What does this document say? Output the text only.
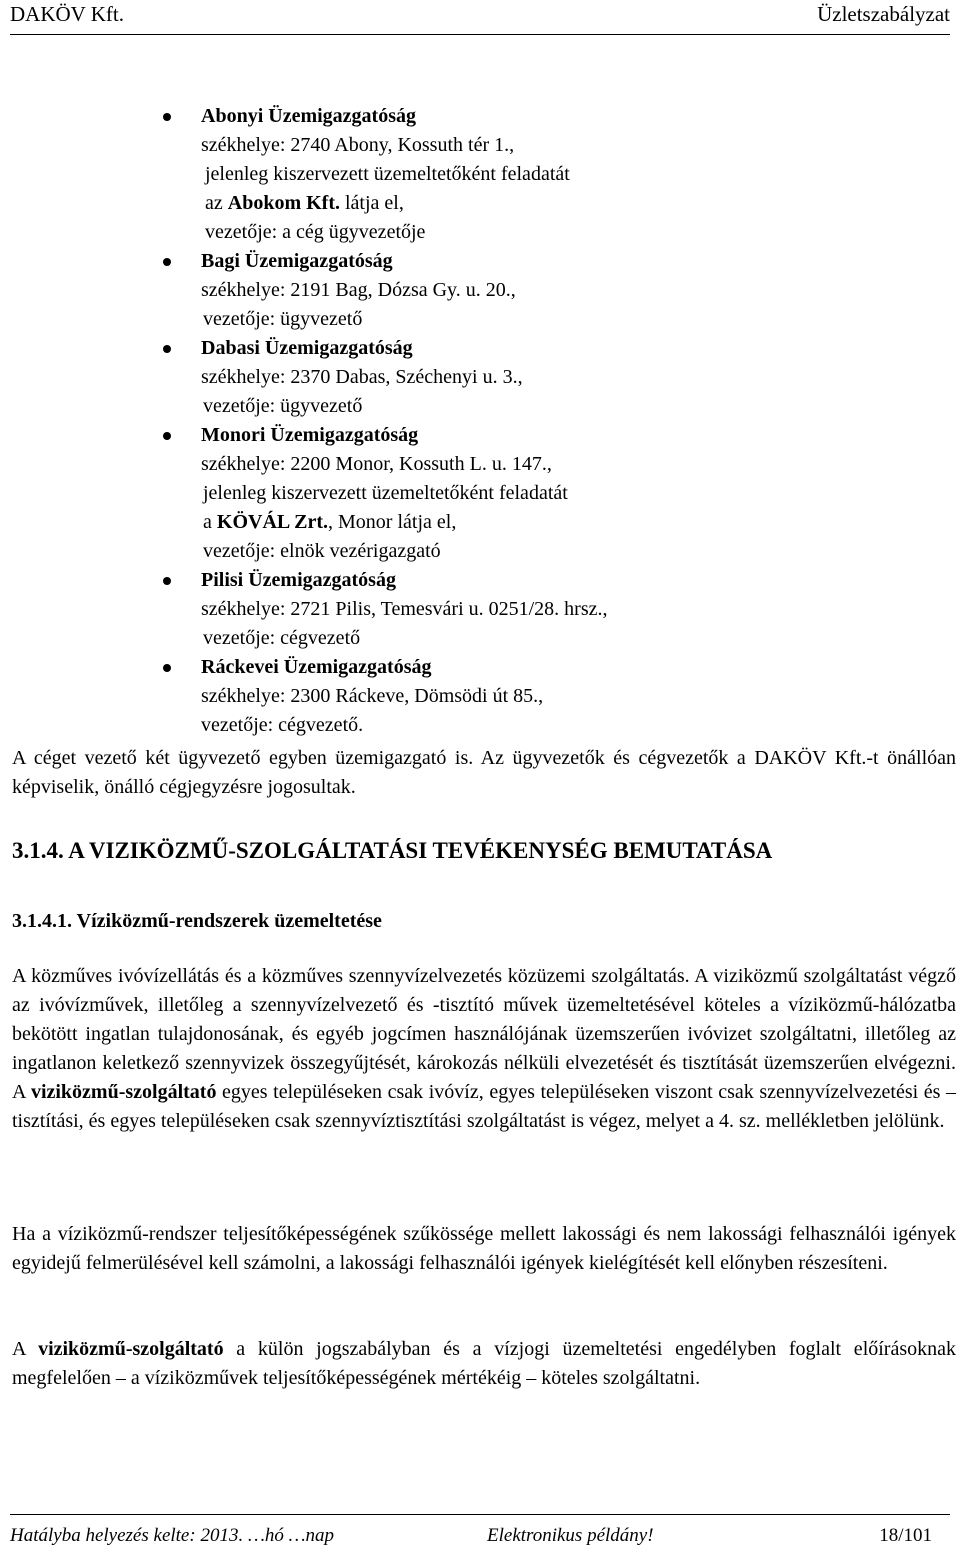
DAKÖV Kft.	Üzletszabályzat
Abonyi Üzemigazgatóság
székhelye: 2740 Abony, Kossuth tér 1.,
jelenleg kiszervezett üzemeltetőként feladatát
az Abokom Kft. látja el,
vezetője: a cég ügyvezetője
Bagi Üzemigazgatóság
székhelye: 2191 Bag, Dózsa Gy. u. 20.,
vezetője: ügyvezető
Dabasi Üzemigazgatóság
székhelye: 2370 Dabas, Széchenyi u. 3.,
vezetője: ügyvezető
Monori Üzemigazgatóság
székhelye: 2200 Monor, Kossuth L. u. 147.,
jelenleg kiszervezett üzemeltetőként feladatát
a KÖVÁL Zrt., Monor látja el,
vezetője: elnök vezérigazgató
Pilisi Üzemigazgatóság
székhelye: 2721 Pilis, Temesvári u. 0251/28. hrsz.,
vezetője: cégvezető
Ráckevei Üzemigazgatóság
székhelye: 2300 Ráckeve, Dömsödi út 85.,
vezetője: cégvezető.

A céget vezető két ügyvezető egyben üzemigazgató is. Az ügyvezetők és cégvezetők a DAKÖV Kft.-t önállóan képviselik, önálló cégjegyzésre jogosultak.

3.1.4. A VIZIKÖZMŰ-SZOLGÁLTATÁSI TEVÉKENYSÉG BEMUTATÁSA
3.1.4.1. Víziközmű-rendszerek üzemeltetése

A közműves ivóvízellátás és a közműves szennyvízelvezetés közüzemi szolgáltatás. A viziközmű szolgáltatást végző az ivóvízművek, illetőleg a szennyvízelvezető és -tisztító művek üzemeltetésével köteles a víziközmű-hálózatba bekötött ingatlan tulajdonosának, és egyéb jogcímen használójának üzemszerűen ivóvizet szolgáltatni, illetőleg az ingatlanon keletkező szennyvizek összegyűjtését, károkozás nélküli elvezetését és tisztítását üzemszerűen elvégezni. A viziközmű-szolgáltató egyes településeken csak ivóvíz, egyes településeken viszont csak szennyvízelvezetési és –tisztítási, és egyes településeken csak szennyvíztisztítási szolgáltatást is végez, melyet a 4. sz. mellékletben jelölünk.

Ha a víziközmű-rendszer teljesítőképességének szűkössége mellett lakossági és nem lakossági felhasználói igények egyidejű felmerülésével kell számolni, a lakossági felhasználói igények kielégítését kell előnyben részesíteni.

A viziközmű-szolgáltató a külön jogszabályban és a vízjogi üzemeltetési engedélyben foglalt előírásoknak megfelelően – a víziközművek teljesítőképességének mértékéig – köteles szolgáltatni.

Hatályba helyezés kelte: 2013. …hó …nap	Elektronikus példány!	18/101
